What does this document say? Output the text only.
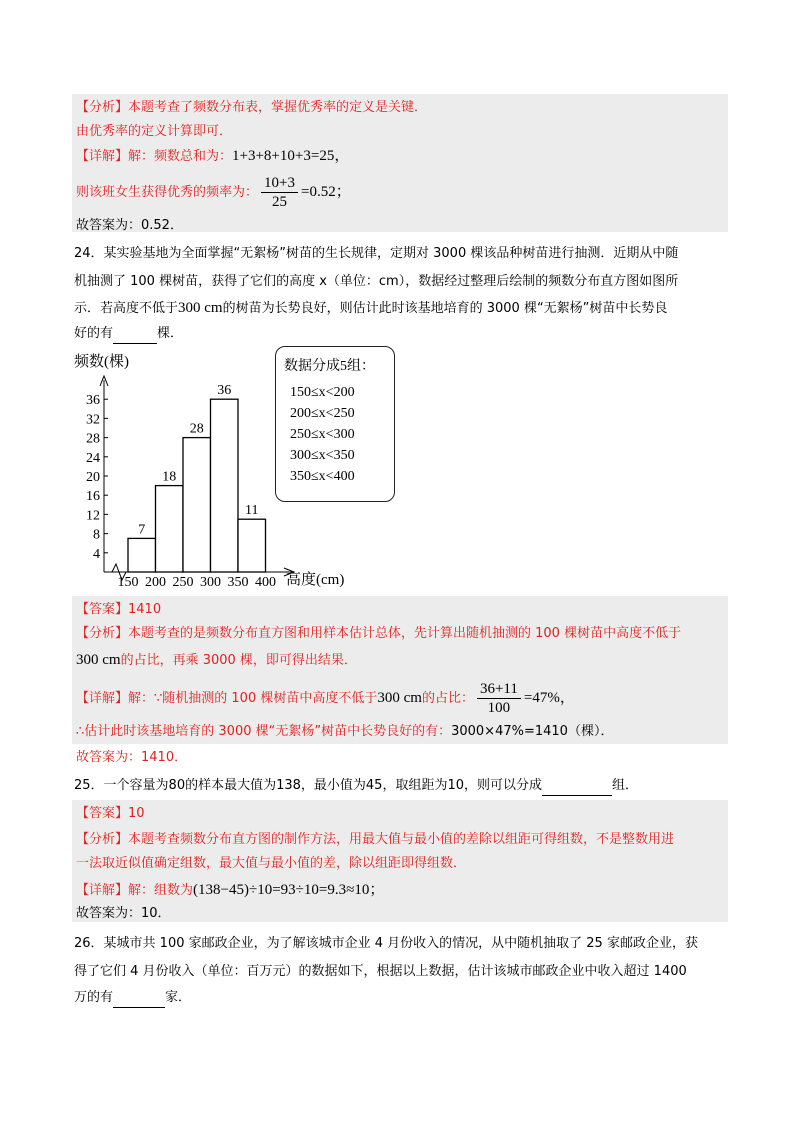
【分析】本题考查了频数分布表，掌握优秀率的定义是关键．
由优秀率的定义计算即可．
【详解】解：频数总和为：1+3+8+10+3=25，
则该班女生获得优秀的频率为： $\frac{10+3}{25} =0.52$；
故答案为：0.52．
24．某实验基地为全面掌握“无絮杨”树苗的生长规律，定期对 3000 棵该品种树苗进行抽测．近期从中随
机抽测了 100 棵树苗，获得了它们的高度 x（单位：cm），数据经过整理后绘制的频数分布直方图如图所
示．若高度不低于300 cm的树苗为长势良好，则估计此时该基地培育的 3000 棵“无絮杨”树苗中长势良
好的有	棵．
频数(棵)
4
8
12
16
20
24
28
32
36
7
18
28
36
11
150 200 250 300 350 400 高度(cm)
数据分成5组：
150≤x<200
200≤x<250
250≤x<300
300≤x<350
350≤x<400
【答案】1410
【分析】本题考查的是频数分布直方图和用样本估计总体，先计算出随机抽测的 100 棵树苗中高度不低于
300 cm的占比，再乘 3000 棵，即可得出结果．
【详解】解：∵随机抽测的 100 棵树苗中高度不低于300 cm的占比： $\frac{36+11}{100} =47\%$，
∴估计此时该基地培育的 3000 棵“无絮杨”树苗中长势良好的有：3000×47%=1410（棵）．
故答案为：1410．
25．一个容量为80的样本最大值为138，最小值为45，取组距为10，则可以分成	组．
【答案】10
【分析】本题考查频数分布直方图的制作方法，用最大值与最小值的差除以组距可得组数，不是整数用进
一法取近似值确定组数，最大值与最小值的差，除以组距即得组数．
【详解】解：组数为(138−45)÷10=93÷10=9.3≈10；
故答案为：10．
26．某城市共 100 家邮政企业，为了解该城市企业 4 月份收入的情况，从中随机抽取了 25 家邮政企业，获
得了它们 4 月份收入（单位：百万元）的数据如下，根据以上数据，估计该城市邮政企业中收入超过 1400
万的有	家．
